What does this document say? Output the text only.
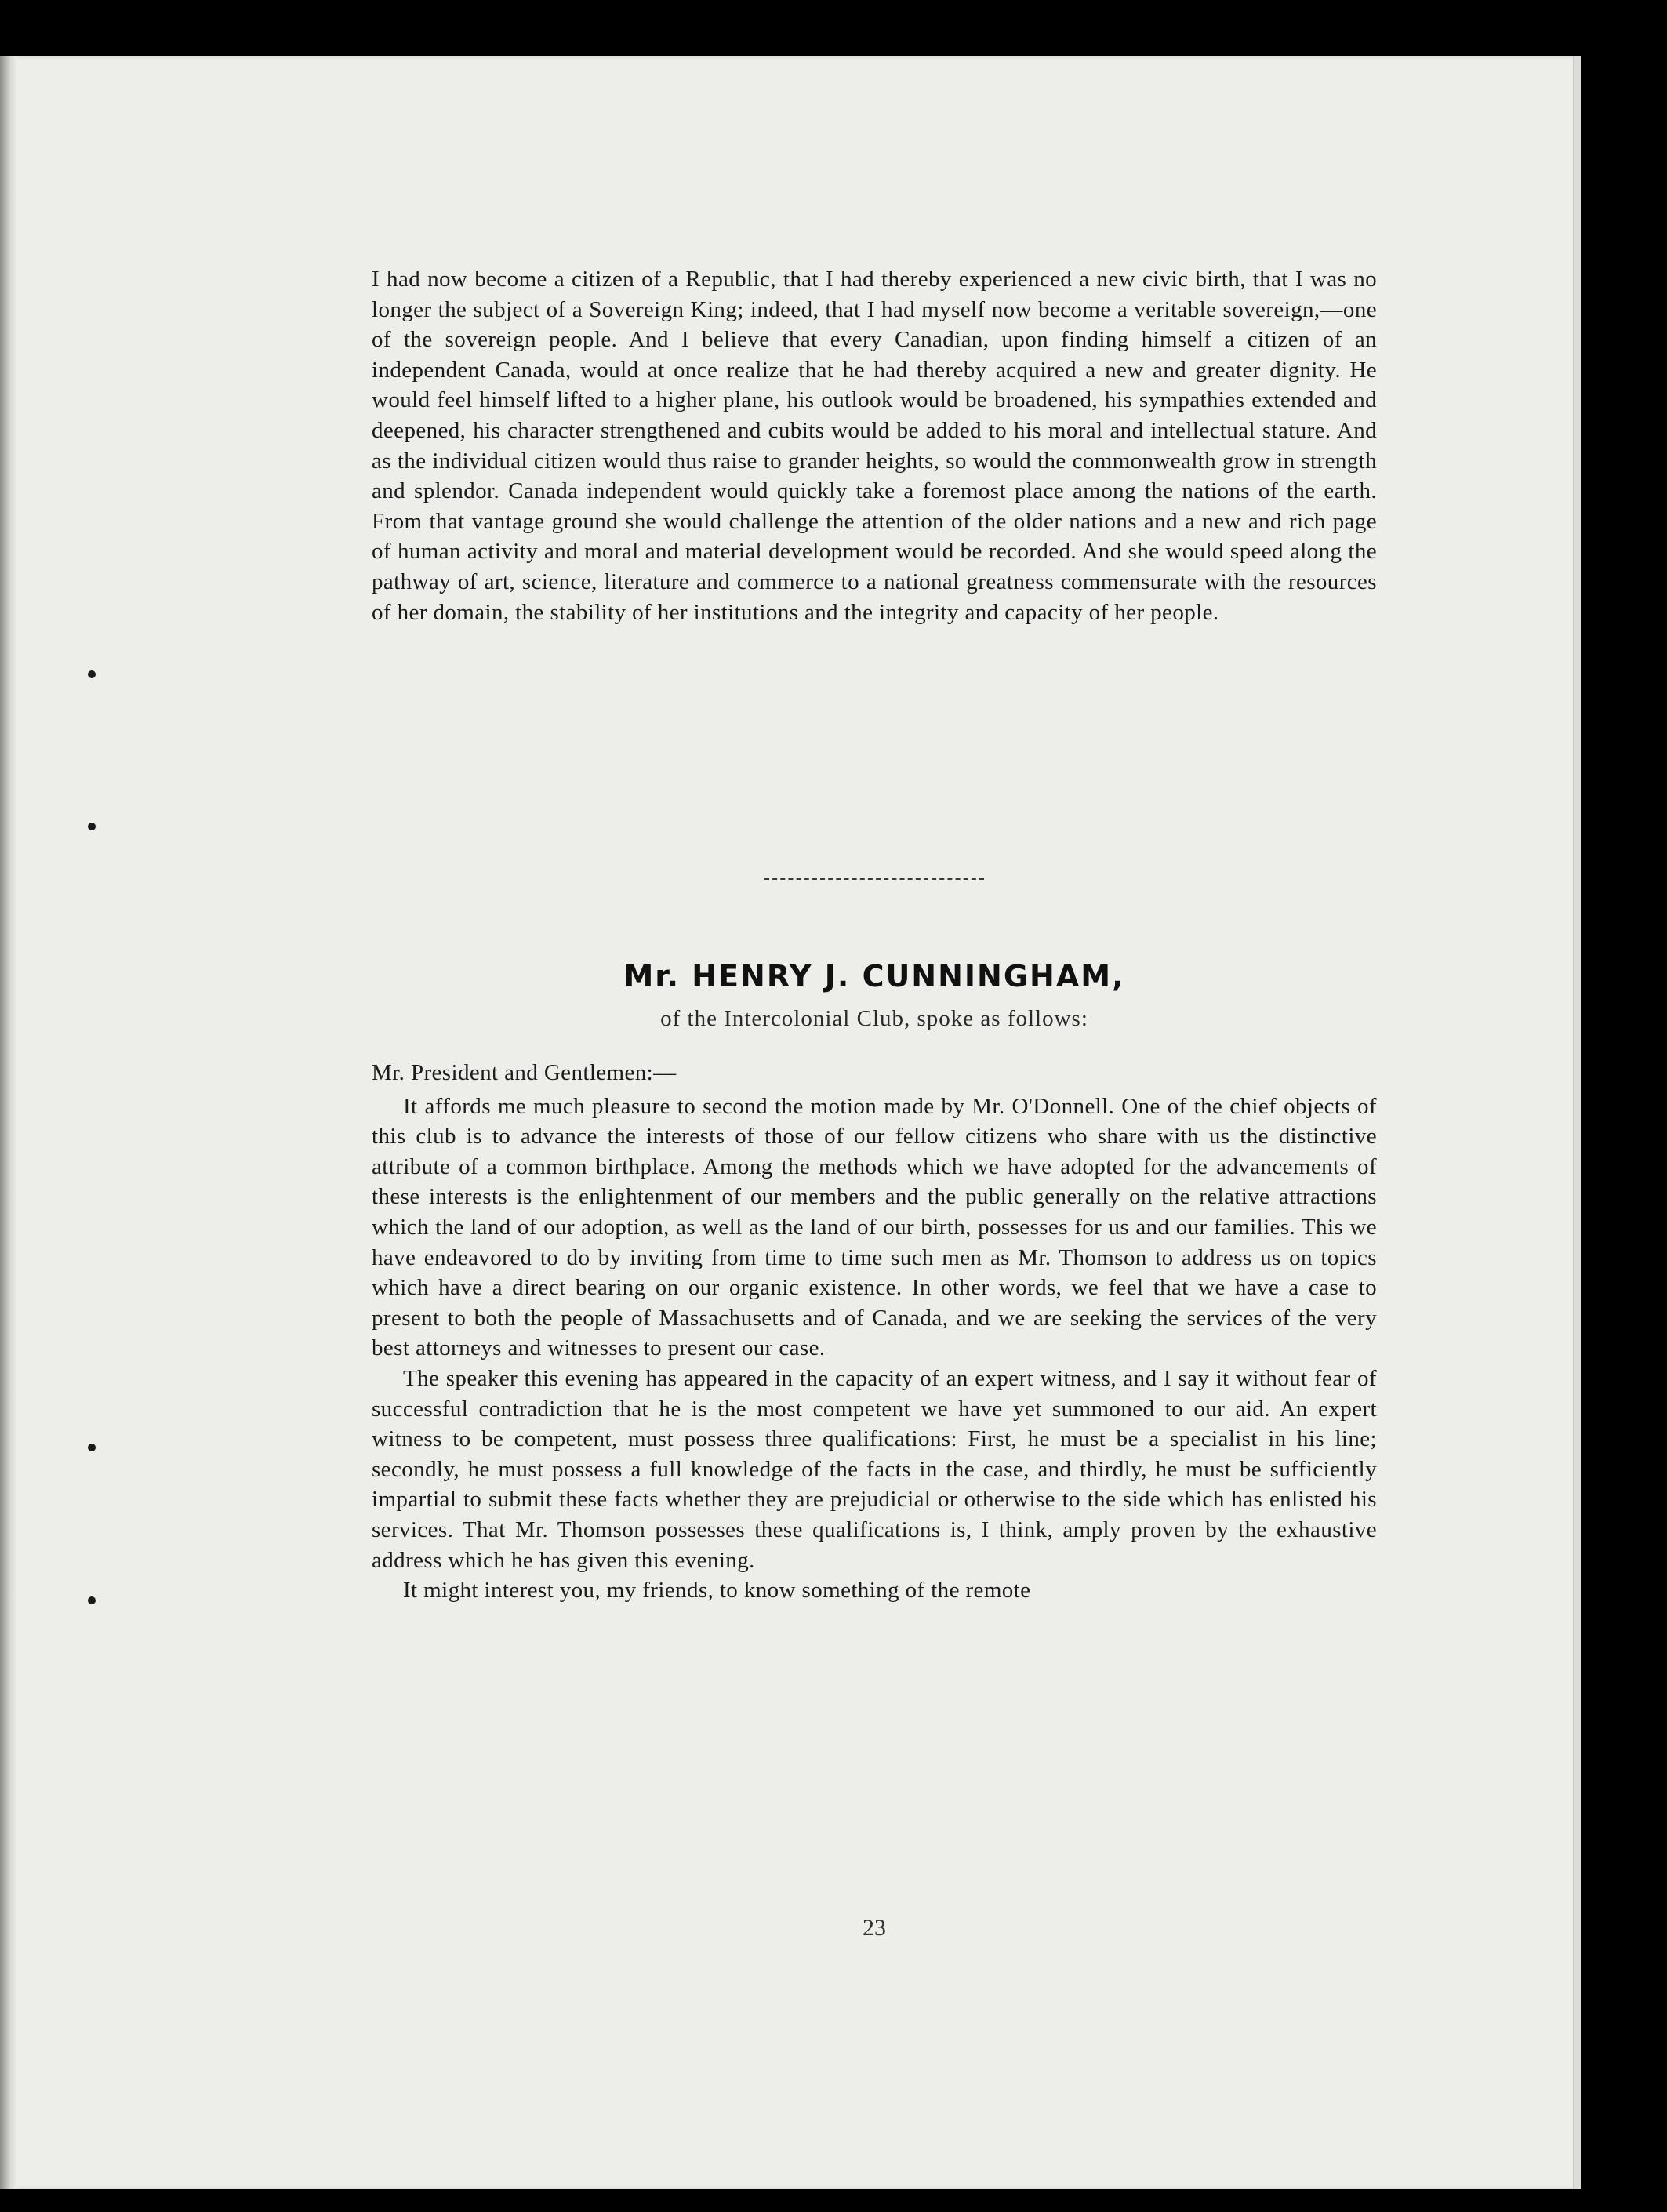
I had now become a citizen of a Republic, that I had thereby experienced a new civic birth, that I was no longer the subject of a Sovereign King; indeed, that I had myself now become a veritable sovereign,—one of the sovereign people. And I believe that every Canadian, upon finding himself a citizen of an independent Canada, would at once realize that he had thereby acquired a new and greater dignity. He would feel himself lifted to a higher plane, his outlook would be broadened, his sympathies extended and deepened, his character strengthened and cubits would be added to his moral and intellectual stature. And as the individual citizen would thus raise to grander heights, so would the commonwealth grow in strength and splendor. Canada independent would quickly take a foremost place among the nations of the earth. From that vantage ground she would challenge the attention of the older nations and a new and rich page of human activity and moral and material development would be recorded. And she would speed along the pathway of art, science, literature and commerce to a national greatness commensurate with the resources of her domain, the stability of her institutions and the integrity and capacity of her people.

Mr. HENRY J. CUNNINGHAM,
of the Intercolonial Club, spoke as follows:

Mr. President and Gentlemen:—

It affords me much pleasure to second the motion made by Mr. O'Donnell. One of the chief objects of this club is to advance the interests of those of our fellow citizens who share with us the distinctive attribute of a common birthplace. Among the methods which we have adopted for the advancements of these interests is the enlightenment of our members and the public generally on the relative attractions which the land of our adoption, as well as the land of our birth, possesses for us and our families. This we have endeavored to do by inviting from time to time such men as Mr. Thomson to address us on topics which have a direct bearing on our organic existence. In other words, we feel that we have a case to present to both the people of Massachusetts and of Canada, and we are seeking the services of the very best attorneys and witnesses to present our case.

The speaker this evening has appeared in the capacity of an expert witness, and I say it without fear of successful contradiction that he is the most competent we have yet summoned to our aid. An expert witness to be competent, must possess three qualifications: First, he must be a specialist in his line; secondly, he must possess a full knowledge of the facts in the case, and thirdly, he must be sufficiently impartial to submit these facts whether they are prejudicial or otherwise to the side which has enlisted his services. That Mr. Thomson possesses these qualifications is, I think, amply proven by the exhaustive address which he has given this evening.

It might interest you, my friends, to know something of the remote

23
